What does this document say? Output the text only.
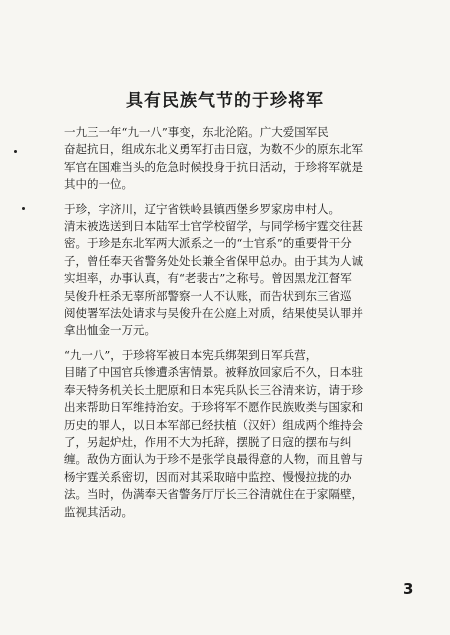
具有民族气节的于珍将军

一九三一年“九一八”事变，东北沦陷。广大爱国军民

奋起抗日，组成东北义勇军打击日寇，为数不少的原东北军

军官在国难当头的危急时候投身于抗日活动，于珍将军就是

其中的一位。

于珍，字济川，辽宁省铁岭县镇西堡乡罗家房申村人。

清末被选送到日本陆军士官学校留学，与同学杨宇霆交往甚

密。于珍是东北军两大派系之一的“士官系”的重要骨干分

子，曾任奉天省警务处处长兼全省保甲总办。由于其为人诚

实坦率，办事认真，有“老裴古”之称号。曾因黑龙江督军

吴俊升枉杀无辜所部警察一人不认账，而告状到东三省巡

阅使署军法处请求与吴俊升在公庭上对质，结果使吴认罪并

拿出恤金一万元。

“九一八”，于珍将军被日本宪兵绑架到日军兵营，

目睹了中国官兵惨遭杀害情景。被释放回家后不久，日本驻

奉天特务机关长土肥原和日本宪兵队长三谷清来访，请于珍

出来帮助日军维持治安。于珍将军不愿作民族败类与国家和

历史的罪人，以日本军部已经扶植（汉奸）组成两个维持会

了，另起炉灶，作用不大为托辞，摆脱了日寇的摆布与纠

缠。敌伪方面认为于珍不是张学良最得意的人物，而且曾与

杨宇霆关系密切，因而对其采取暗中监控、慢慢拉拢的办

法。当时，伪满奉天省警务厅厅长三谷清就住在于家隔壁，

监视其活动。

3
